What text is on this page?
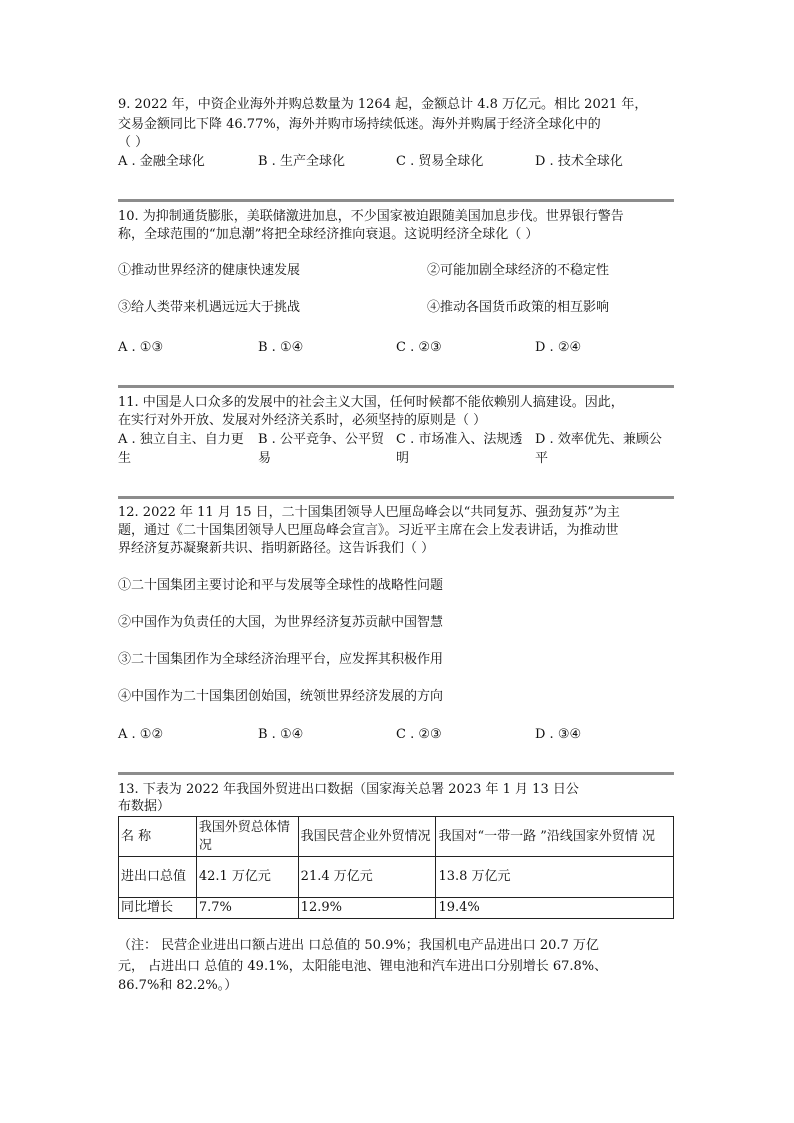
9. 2022 年，中资企业海外并购总数量为 1264 起，金额总计 4.8 万亿元。相比 2021 年，
交易金额同比下降 46.77%，海外并购市场持续低迷。海外并购属于经济全球化中的
（ ）
A . 金融全球化	B . 生产全球化	C . 贸易全球化	D . 技术全球化
10. 为抑制通货膨胀，美联储激进加息，不少国家被迫跟随美国加息步伐。世界银行警告
称，全球范围的“加息潮”将把全球经济推向衰退。这说明经济全球化（ ）
①推动世界经济的健康快速发展	②可能加剧全球经济的不稳定性
③给人类带来机遇远远大于挑战	④推动各国货币政策的相互影响
A . ①③	B . ①④	C . ②③	D . ②④
11. 中国是人口众多的发展中的社会主义大国，任何时候都不能依赖别人搞建设。因此，
在实行对外开放、发展对外经济关系时，必须坚持的原则是（ ）
A . 独立自主、自力更生
B . 公平竞争、公平贸易
C . 市场准入、法规透明
D . 效率优先、兼顾公平
12. 2022 年 11 月 15 日，二十国集团领导人巴厘岛峰会以“共同复苏、强劲复苏”为主
题，通过《二十国集团领导人巴厘岛峰会宣言》。习近平主席在会上发表讲话，为推动世
界经济复苏凝聚新共识、指明新路径。这告诉我们（ ）
①二十国集团主要讨论和平与发展等全球性的战略性问题
②中国作为负责任的大国，为世界经济复苏贡献中国智慧
③二十国集团作为全球经济治理平台，应发挥其积极作用
④中国作为二十国集团创始国，统领世界经济发展的方向
A . ①②	B . ①④	C . ②③	D . ③④
13. 下表为 2022 年我国外贸进出口数据（国家海关总署 2023 年 1 月 13 日公
布数据）
名 称	我国外贸总体情况	我国民营企业外贸情况	我国对“一带一路 ”沿线国家外贸情 况
进出口总值	42.1 万亿元	21.4 万亿元	13.8 万亿元
同比增长	7.7%	12.9%	19.4%
（注： 民营企业进出口额占进出 口总值的 50.9%；我国机电产品进出口 20.7 万亿
元， 占进出口 总值的 49.1%，太阳能电池、锂电池和汽车进出口分别增长 67.8%、
86.7%和 82.2%。）
